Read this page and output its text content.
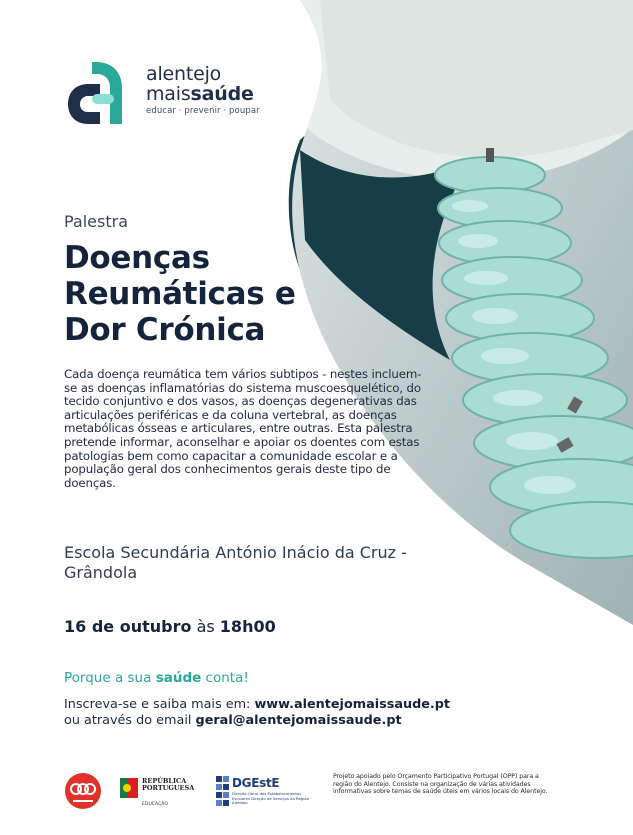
alentejo
maissaúde
educar · prevenir · poupar
Palestra
Doenças
Reumáticas e
Dor Crónica
Cada doença reumática tem vários subtipos - nestes incluem-se as doenças inflamatórias do sistema muscoesquelético, do tecido conjuntivo e dos vasos, as doenças degenerativas das articulações periféricas e da coluna vertebral, as doenças metabólicas ósseas e articulares, entre outras. Esta palestra pretende informar, aconselhar e apoiar os doentes com estas patologias bem como capacitar a comunidade escolar e a população geral dos conhecimentos gerais deste tipo de doenças.
Escola Secundária António Inácio da Cruz - Grândola
16 de outubro às 18h00
Porque a sua saúde conta!
Inscreva-se e saiba mais em: www.alentejomaissaude.pt
ou através do email geral@alentejomaissaude.pt
REPÚBLICA
PORTUGUESA
EDUCAÇÃO
DGEstE
Direção-Geral dos Estabelecimentos Escolares Direção de Serviços da Região Alentejo
Projeto apoiado pelo Orçamento Participativo Portugal (OPP) para a região do Alentejo. Consiste na organização de várias atividades informativas sobre temas de saúde úteis em vários locais do Alentejo.
